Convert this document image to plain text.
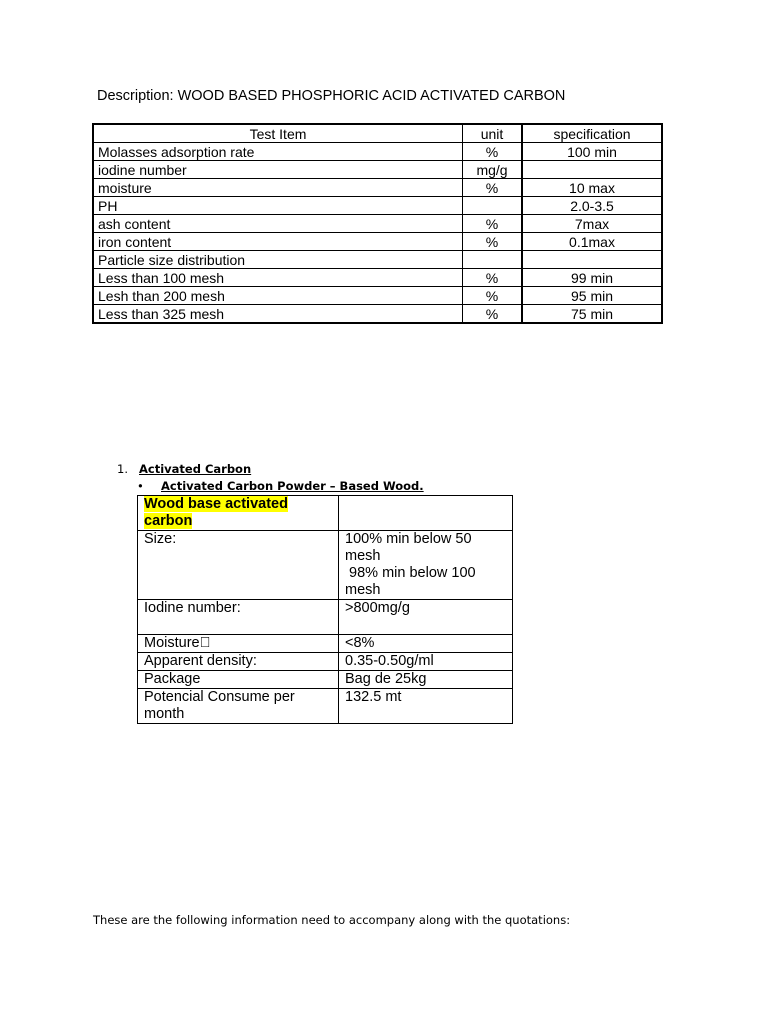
Description: WOOD BASED PHOSPHORIC ACID ACTIVATED CARBON
Test Item	unit	specification
Molasses adsorption rate	%	100 min
iodine number	mg/g	
moisture	%	10 max
PH		2.0-3.5
ash content	%	7max
iron content	%	0.1max
Particle size distribution		
Less than 100 mesh	%	99 min
Lesh than 200 mesh	%	95 min
Less than 325 mesh	%	75 min
1. Activated Carbon
• Activated Carbon Powder – Based Wood.
Wood base activated carbon	
Size:	100% min below 50 mesh
98% min below 100 mesh

Iodine number:	>800mg/g
Moisture	<8%
Apparent density:	0.35-0.50g/ml
Package	Bag de 25kg
Potencial Consume per month	132.5 mt
These are the following information need to accompany along with the quotations:
